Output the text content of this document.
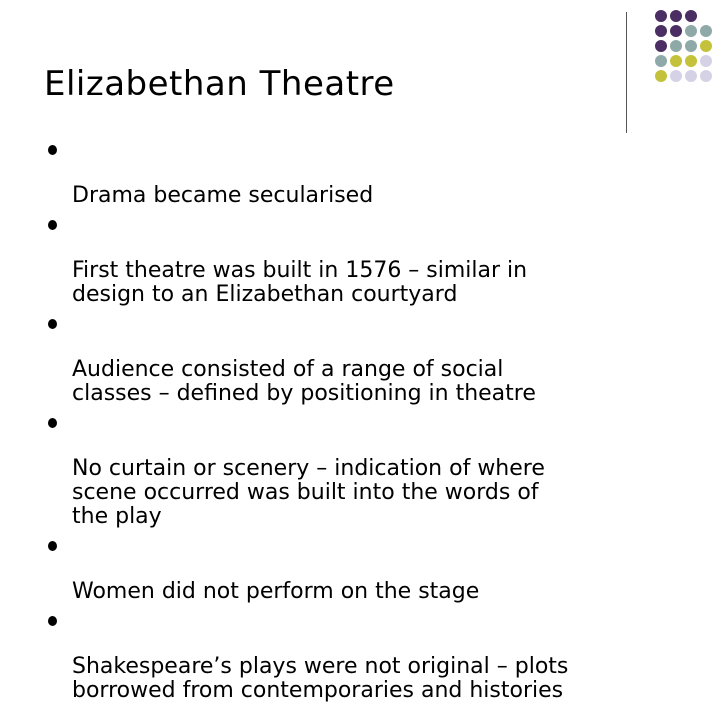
Elizabethan Theatre

Drama became secularised

First theatre was built in 1576 – similar in
design to an Elizabethan courtyard

Audience consisted of a range of social
classes – defined by positioning in theatre

No curtain or scenery – indication of where
scene occurred was built into the words of
the play

Women did not perform on the stage

Shakespeare’s plays were not original – plots
borrowed from contemporaries and histories
